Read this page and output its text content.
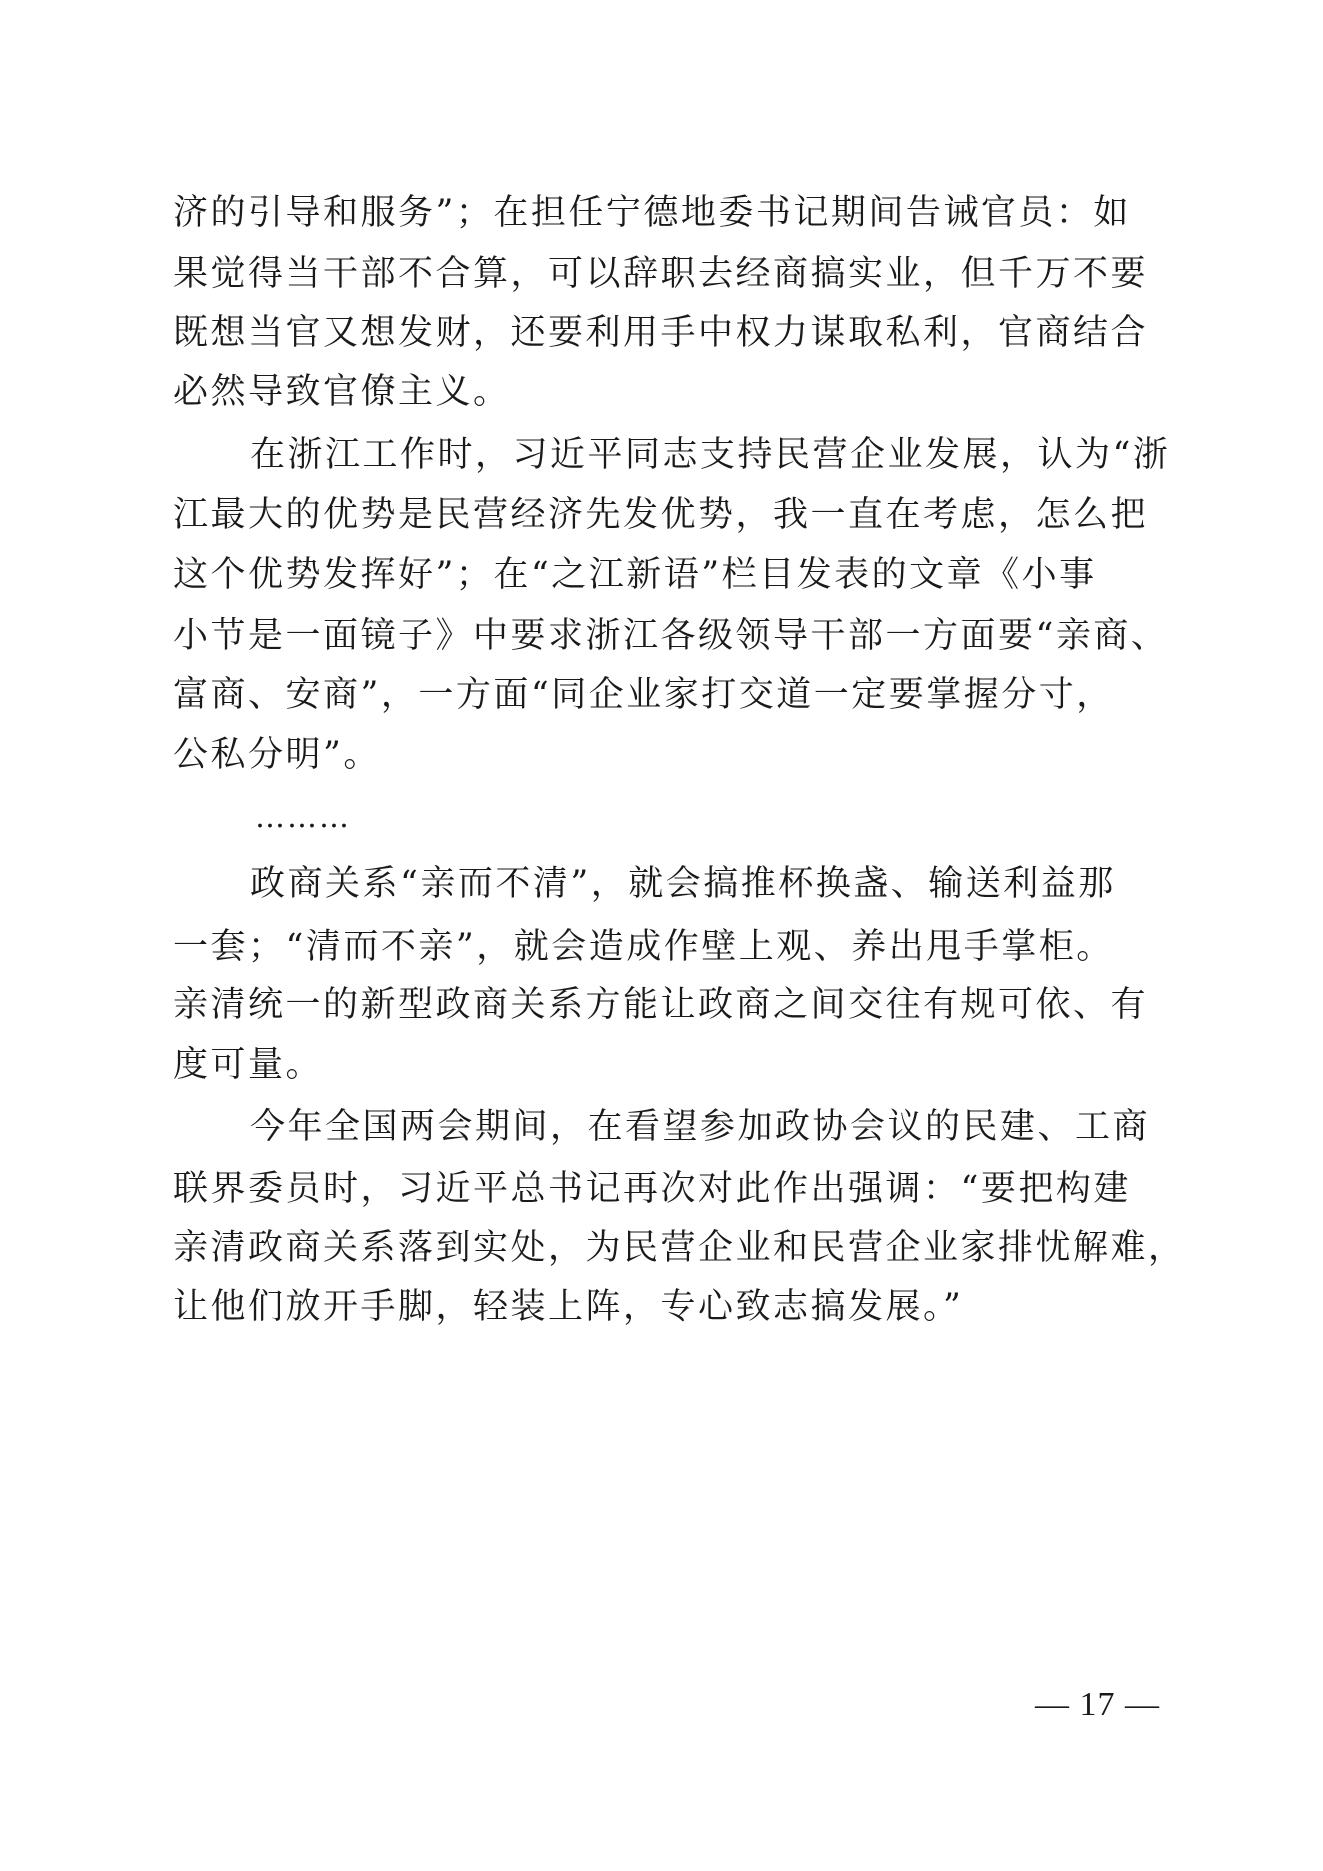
济的引导和服务”；在担任宁德地委书记期间告诫官员：如
果觉得当干部不合算，可以辞职去经商搞实业，但千万不要
既想当官又想发财，还要利用手中权力谋取私利，官商结合
必然导致官僚主义。
在浙江工作时，习近平同志支持民营企业发展，认为“浙
江最大的优势是民营经济先发优势，我一直在考虑，怎么把
这个优势发挥好”；在“之江新语”栏目发表的文章《小事
小节是一面镜子》中要求浙江各级领导干部一方面要“亲商、
富商、安商”，一方面“同企业家打交道一定要掌握分寸，
公私分明”。
………
政商关系“亲而不清”，就会搞推杯换盏、输送利益那
一套；“清而不亲”，就会造成作壁上观、养出甩手掌柜。
亲清统一的新型政商关系方能让政商之间交往有规可依、有
度可量。
今年全国两会期间，在看望参加政协会议的民建、工商
联界委员时，习近平总书记再次对此作出强调：“要把构建
亲清政商关系落到实处，为民营企业和民营企业家排忧解难，
让他们放开手脚，轻装上阵，专心致志搞发展。”
— 17 —
